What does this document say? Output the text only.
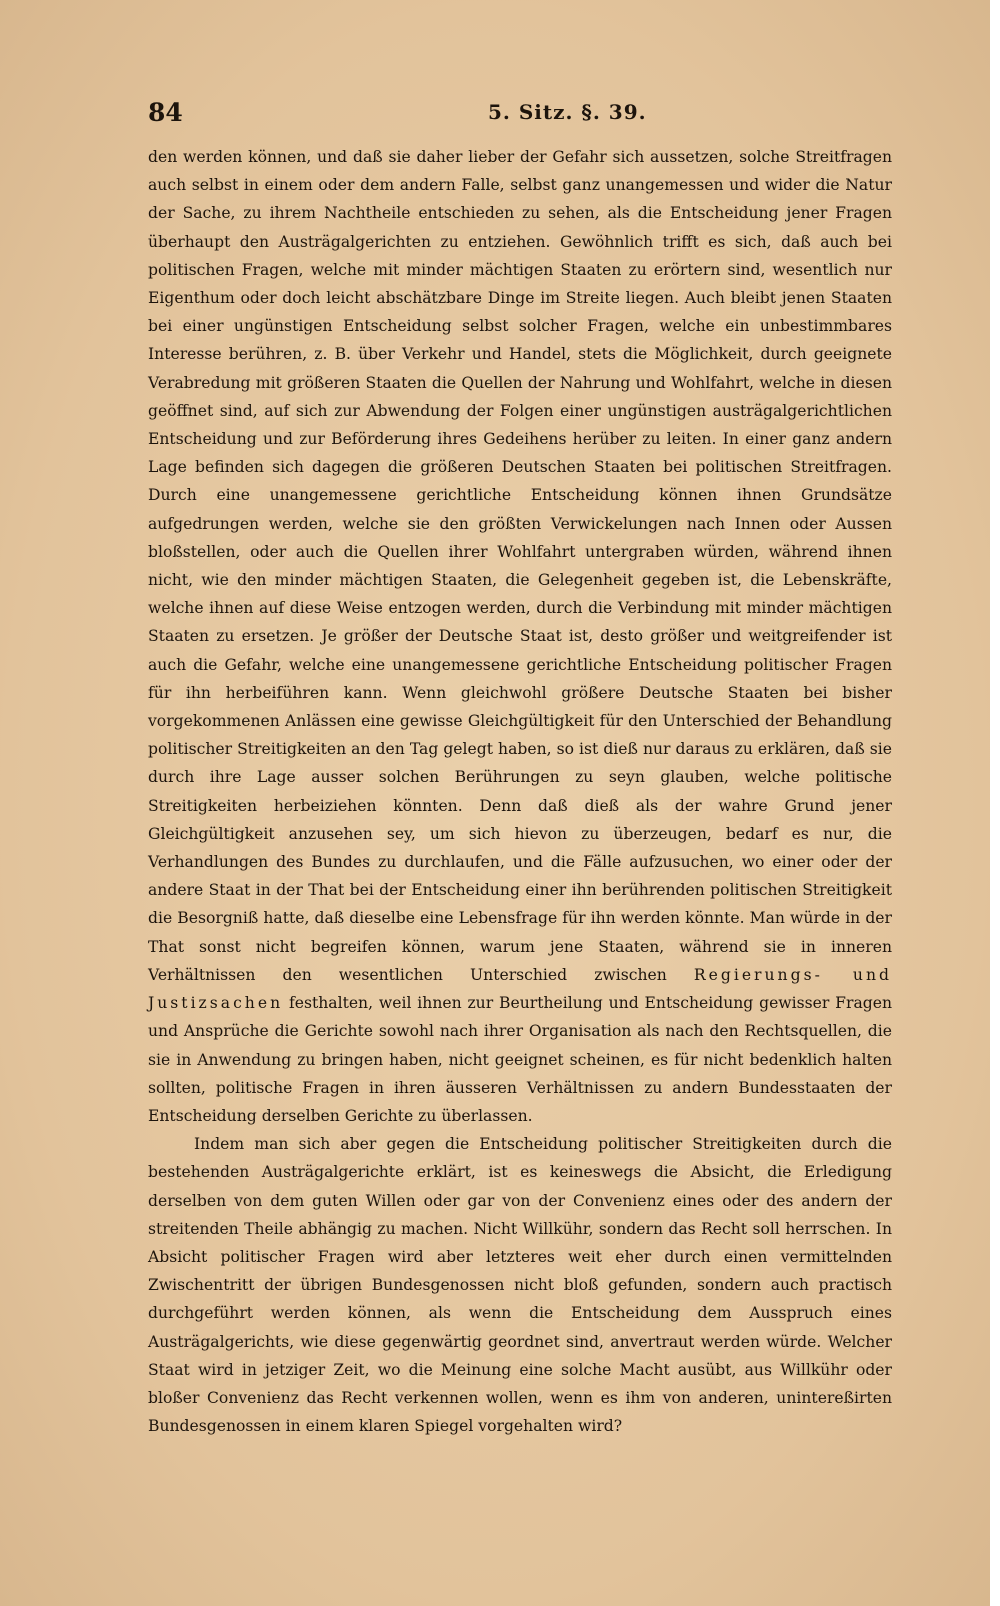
84	5. Sitz. §. 39.

den werden können, und daß sie daher lieber der Gefahr sich aussetzen, solche Streitfragen auch selbst in einem oder dem andern Falle, selbst ganz unangemessen und wider die Natur der Sache, zu ihrem Nachtheile entschieden zu sehen, als die Entscheidung jener Fragen überhaupt den Austrägalgerichten zu entziehen. Gewöhnlich trifft es sich, daß auch bei politischen Fragen, welche mit minder mächtigen Staaten zu erörtern sind, wesentlich nur Eigenthum oder doch leicht abschätzbare Dinge im Streite liegen. Auch bleibt jenen Staaten bei einer ungünstigen Entscheidung selbst solcher Fragen, welche ein unbestimmbares Interesse berühren, z. B. über Verkehr und Handel, stets die Möglichkeit, durch geeignete Verabredung mit größeren Staaten die Quellen der Nahrung und Wohlfahrt, welche in diesen geöffnet sind, auf sich zur Abwendung der Folgen einer ungünstigen austrägalgerichtlichen Entscheidung und zur Beförderung ihres Gedeihens herüber zu leiten. In einer ganz andern Lage befinden sich dagegen die größeren Deutschen Staaten bei politischen Streitfragen. Durch eine unangemessene gerichtliche Entscheidung können ihnen Grundsätze aufgedrungen werden, welche sie den größten Verwickelungen nach Innen oder Aussen bloßstellen, oder auch die Quellen ihrer Wohlfahrt untergraben würden, während ihnen nicht, wie den minder mächtigen Staaten, die Gelegenheit gegeben ist, die Lebenskräfte, welche ihnen auf diese Weise entzogen werden, durch die Verbindung mit minder mächtigen Staaten zu ersetzen. Je größer der Deutsche Staat ist, desto größer und weitgreifender ist auch die Gefahr, welche eine unangemessene gerichtliche Entscheidung politischer Fragen für ihn herbeiführen kann. Wenn gleichwohl größere Deutsche Staaten bei bisher vorgekommenen Anlässen eine gewisse Gleichgültigkeit für den Unterschied der Behandlung politischer Streitigkeiten an den Tag gelegt haben, so ist dieß nur daraus zu erklären, daß sie durch ihre Lage ausser solchen Berührungen zu seyn glauben, welche politische Streitigkeiten herbeiziehen könnten. Denn daß dieß als der wahre Grund jener Gleichgültigkeit anzusehen sey, um sich hievon zu überzeugen, bedarf es nur, die Verhandlungen des Bundes zu durchlaufen, und die Fälle aufzusuchen, wo einer oder der andere Staat in der That bei der Entscheidung einer ihn berührenden politischen Streitigkeit die Besorgniß hatte, daß dieselbe eine Lebensfrage für ihn werden könnte. Man würde in der That sonst nicht begreifen können, warum jene Staaten, während sie in inneren Verhältnissen den wesentlichen Unterschied zwischen Regierungs- und Justizsachen festhalten, weil ihnen zur Beurtheilung und Entscheidung gewisser Fragen und Ansprüche die Gerichte sowohl nach ihrer Organisation als nach den Rechtsquellen, die sie in Anwendung zu bringen haben, nicht geeignet scheinen, es für nicht bedenklich halten sollten, politische Fragen in ihren äusseren Verhältnissen zu andern Bundesstaaten der Entscheidung derselben Gerichte zu überlassen.

Indem man sich aber gegen die Entscheidung politischer Streitigkeiten durch die bestehenden Austrägalgerichte erklärt, ist es keineswegs die Absicht, die Erledigung derselben von dem guten Willen oder gar von der Convenienz eines oder des andern der streitenden Theile abhängig zu machen. Nicht Willkühr, sondern das Recht soll herrschen. In Absicht politischer Fragen wird aber letzteres weit eher durch einen vermittelnden Zwischentritt der übrigen Bundesgenossen nicht bloß gefunden, sondern auch practisch durchgeführt werden können, als wenn die Entscheidung dem Ausspruch eines Austrägalgerichts, wie diese gegenwärtig geordnet sind, anvertraut werden würde. Welcher Staat wird in jetziger Zeit, wo die Meinung eine solche Macht ausübt, aus Willkühr oder bloßer Convenienz das Recht verkennen wollen, wenn es ihm von anderen, unintereßirten Bundesgenossen in einem klaren Spiegel vorgehalten wird?
